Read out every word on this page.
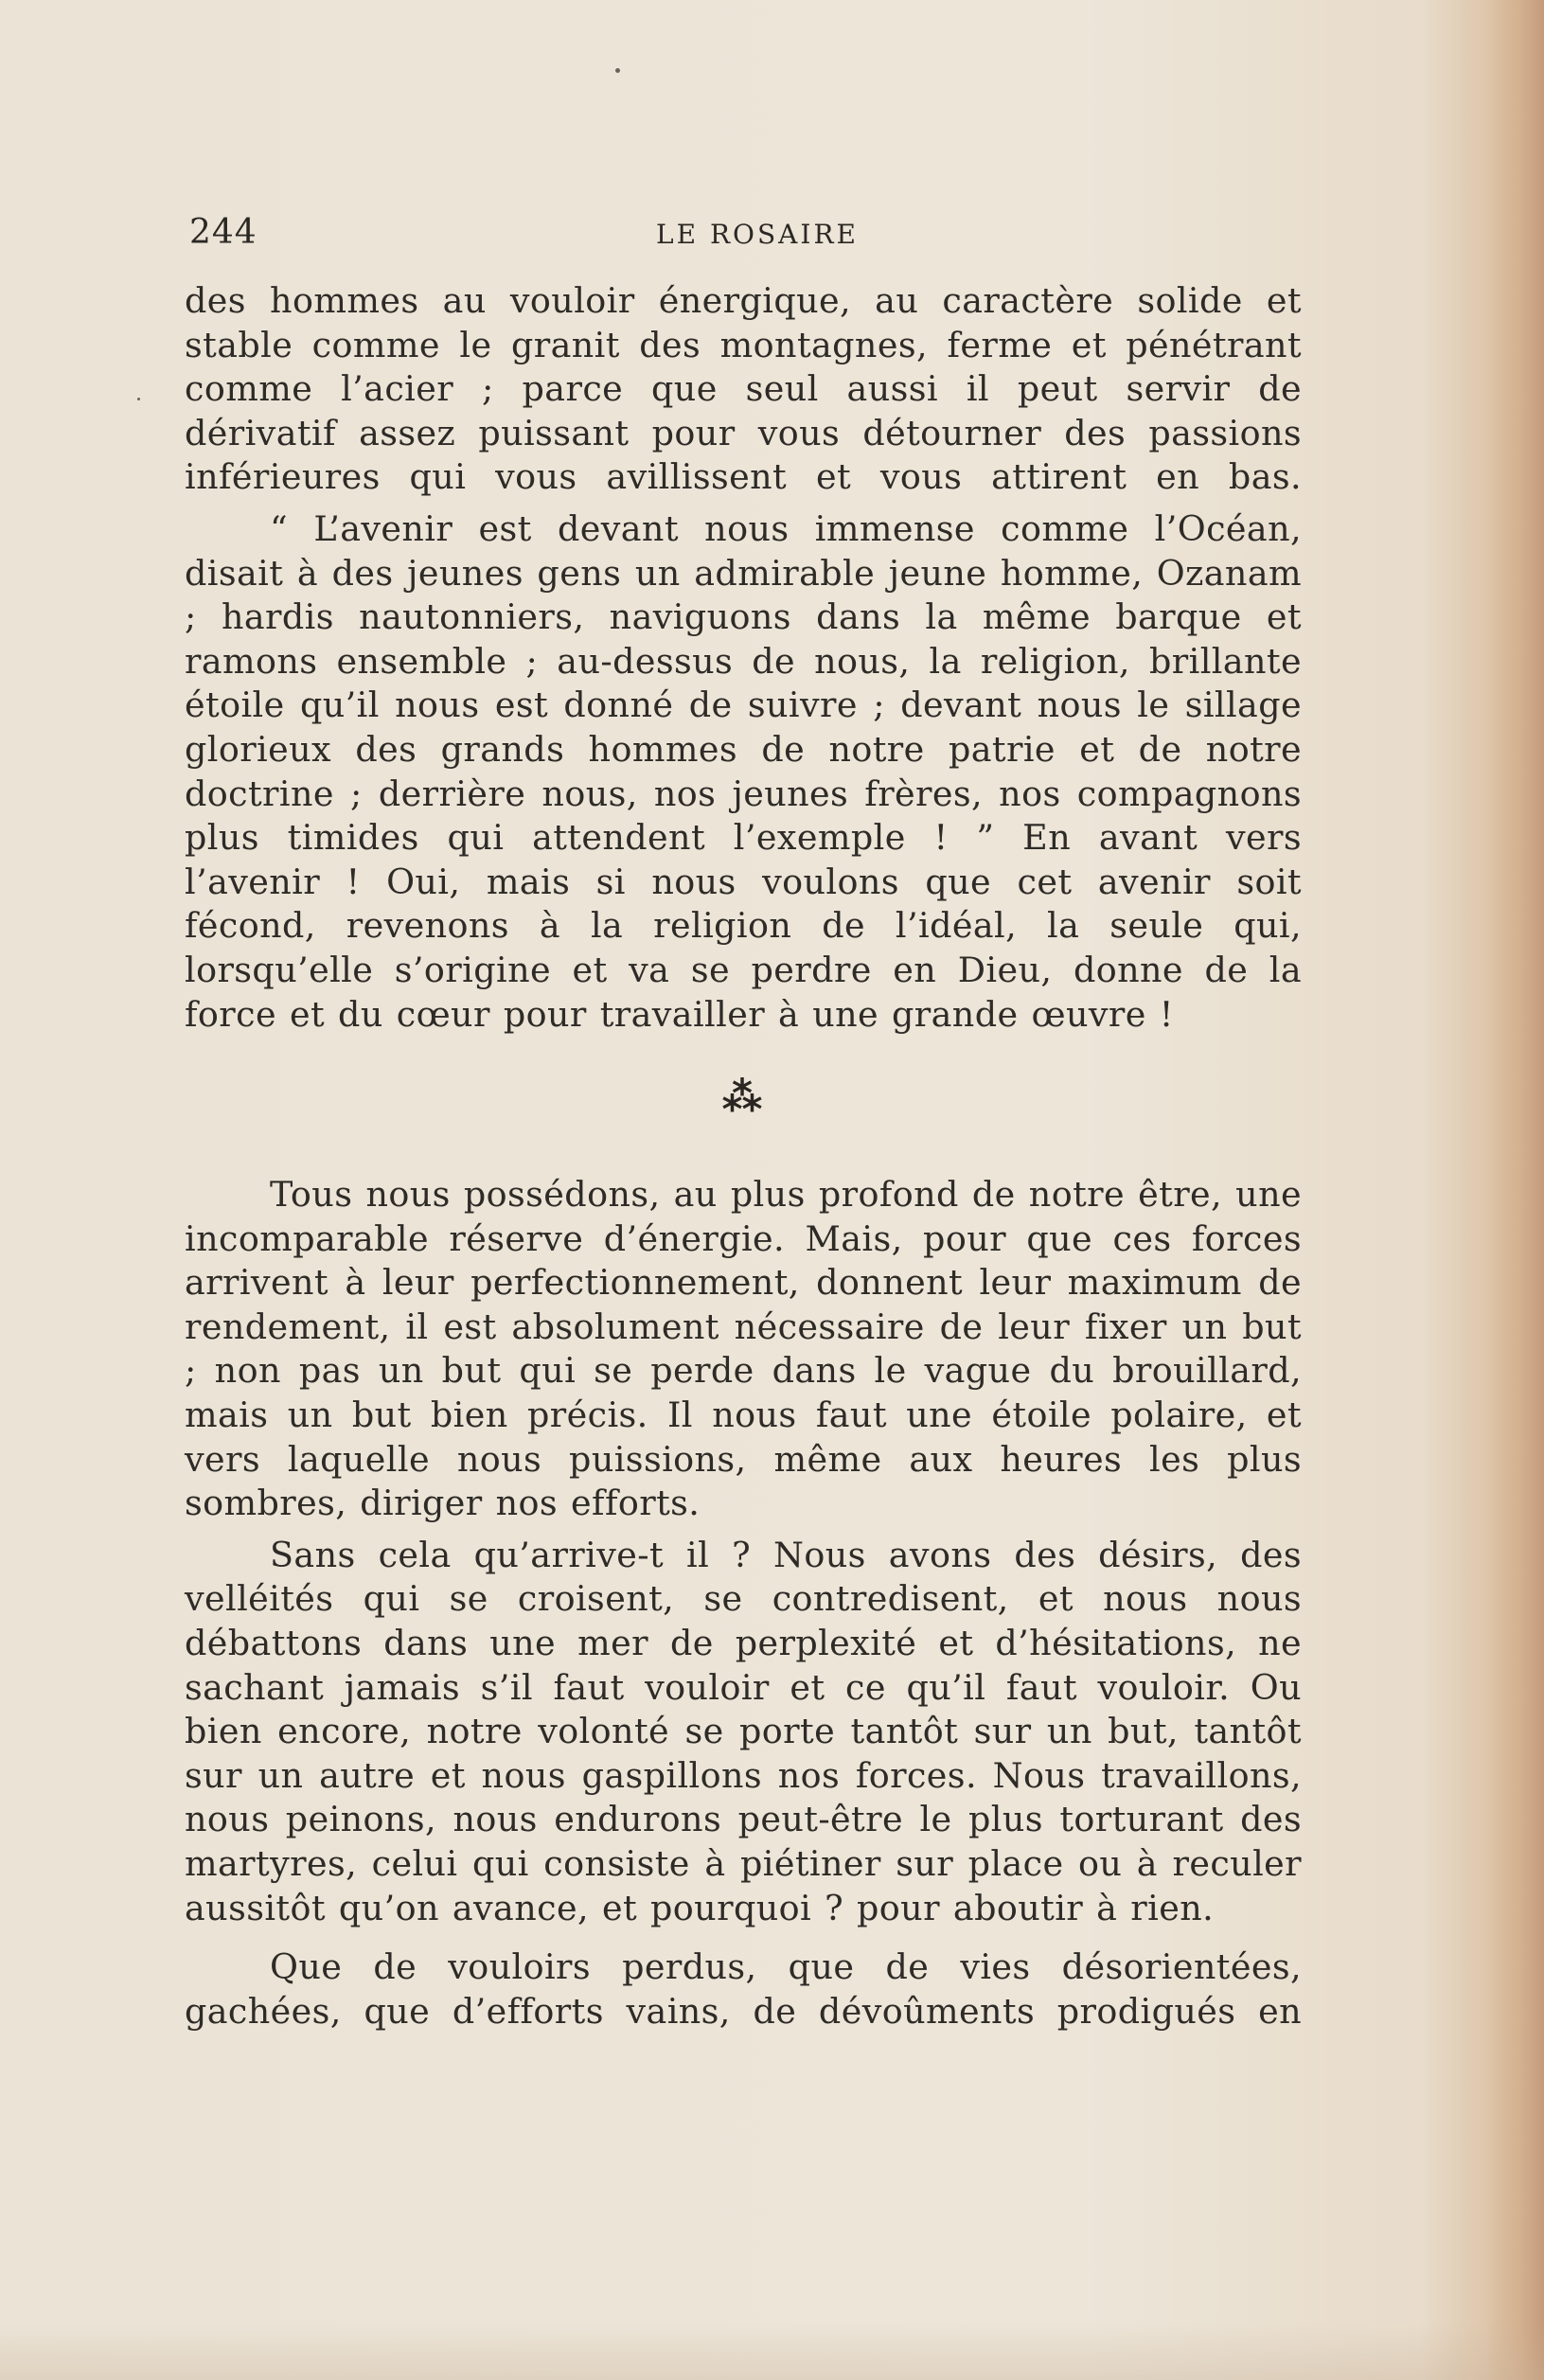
244	LE ROSAIRE

des hommes au vouloir énergique, au caractère solide et stable comme le granit des montagnes, ferme et pénétrant comme l’acier ; parce que seul aussi il peut servir de dérivatif assez puissant pour vous détourner des passions inférieures qui vous avillissent et vous attirent en bas.

“ L’avenir est devant nous immense comme l’Océan, disait à des jeunes gens un admirable jeune homme, Ozanam ; hardis nautonniers, naviguons dans la même barque et ramons ensemble ; au-dessus de nous, la religion, brillante étoile qu’il nous est donné de suivre ; devant nous le sillage glorieux des grands hommes de notre patrie et de notre doctrine ; derrière nous, nos jeunes frères, nos compagnons plus timides qui attendent l’exemple ! ” En avant vers l’avenir ! Oui, mais si nous voulons que cet avenir soit fécond, revenons à la religion de l’idéal, la seule qui, lorsqu’elle s’origine et va se perdre en Dieu, donne de la force et du cœur pour travailler à une grande œuvre !

⁂

Tous nous possédons, au plus profond de notre être, une incomparable réserve d’énergie. Mais, pour que ces forces arrivent à leur perfectionnement, donnent leur maximum de rendement, il est absolument nécessaire de leur fixer un but ; non pas un but qui se perde dans le vague du brouillard, mais un but bien précis. Il nous faut une étoile polaire, et vers laquelle nous puissions, même aux heures les plus sombres, diriger nos efforts.

Sans cela qu’arrive-t il ? Nous avons des désirs, des velléités qui se croisent, se contredisent, et nous nous débattons dans une mer de perplexité et d’hésitations, ne sachant jamais s’il faut vouloir et ce qu’il faut vouloir. Ou bien encore, notre volonté se porte tantôt sur un but, tantôt sur un autre et nous gaspillons nos forces. Nous travaillons, nous peinons, nous endurons peut-être le plus torturant des martyres, celui qui consiste à piétiner sur place ou à reculer aussitôt qu’on avance, et pourquoi ? pour aboutir à rien.

Que de vouloirs perdus, que de vies désorientées, gachées, que d’efforts vains, de dévoûments prodigués en
